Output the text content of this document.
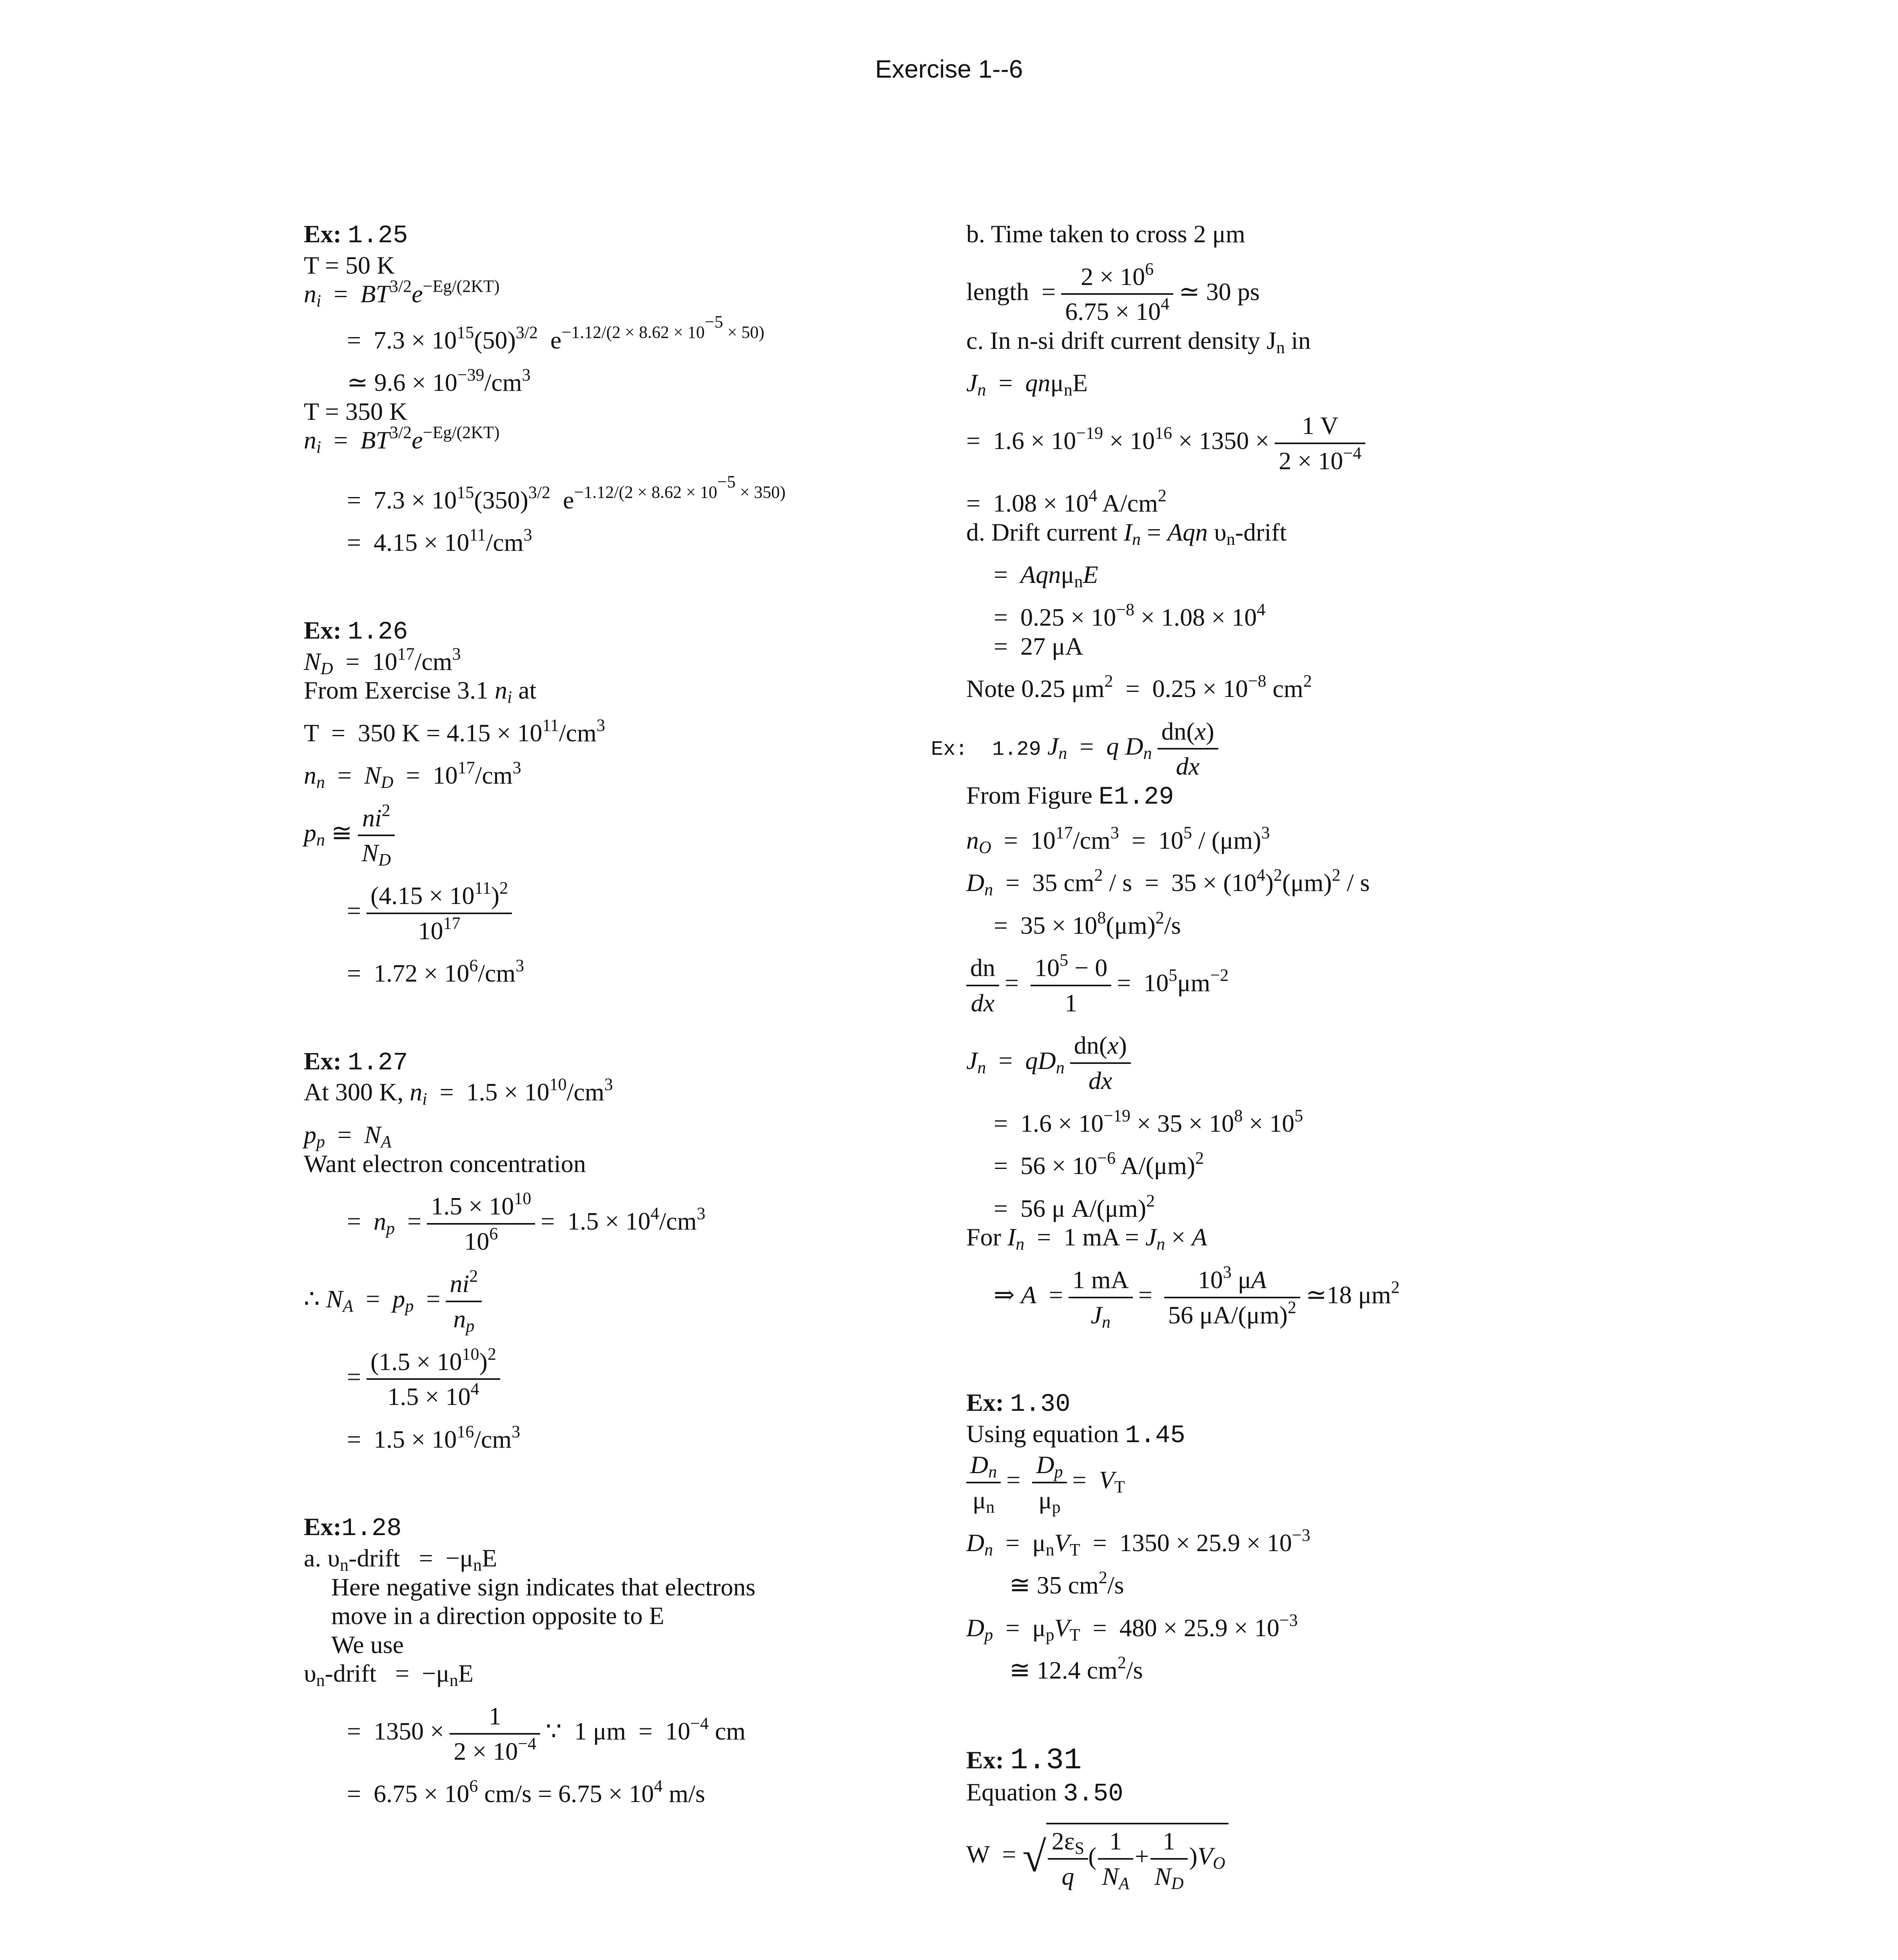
Exercise 1--6
Ex: 1.25
T = 50 K
$n_i = BT^{3/2}e^{-Eg/(2KT)}$
=  $7.3 \times 10^{15}(50)^{3/2}$  $e^{-1.12/(2 \times 8.62 \times 10^{-5} \times 50)}$
≃ $9.6 \times 10^{-39}/cm^3$
T = 350 K
$n_i = BT^{3/2}e^{-Eg/(2KT)}$
=  $7.3 \times 10^{15}(350)^{3/2}$  $e^{-1.12/(2 \times 8.62 \times 10^{-5} \times 350)}$
=  $4.15 \times 10^{11}/cm^3$
Ex: 1.26
$N_D = 10^{17}/cm^3$
From Exercise 3.1 $n_i$ at
T  =  350 $K = 4.15 \times 10^{11}/cm^3$
$n_n = N_D = 10^{17}/cm^3$
$p_n$ ≅ $\frac{ni^2}{N_D}$
= $\frac{(4.15 \times 10^{11})^2}{10^{17}}$
=  $1.72 \times 10^6/cm^3$
Ex: 1.27
At 300 K, $n_i = 1.5 \times 10^{10}/cm^3$
$p_p = N_A$
Want electron concentration
=  $n_p = \frac{1.5 \times 10^{10}}{10^6} = 1.5 \times 10^4/cm^3$
∴ $N_A = p_p = \frac{ni^2}{n_p}$
= $\frac{(1.5 \times 10^{10})^2}{1.5 \times 10^4}$
=  $1.5 \times 10^{16}/cm^3$
Ex:1.28
a. $\upsilon_n$-drift   =  $-\mu_nE$
Here negative sign indicates that electrons
move in a direction opposite to E
We use
$\upsilon_n$-drift   =  $-\mu_nE$
=  $1350 \times \frac{1}{2 \times 10^{-4}}$ ∵  1 $\mu m = 10^{-4}$ cm
=  $6.75 \times 10^6$ $cm/s = 6.75 \times 10^4$ m/s
b. Time taken to cross 2 μm
length  = $\frac{2 \times 10^6}{6.75 \times 10^4}$ ≃ 30 ps
c. In n-si drift current density $J_n$ in
$J_n = qn\mu_nE$
=  $1.6 \times 10^{-19} \times 10^{16} \times 1350 \times \frac{1 V}{2 \times 10^{-4}}$
=  $1.08 \times 10^4$ $A/cm^2$
d. Drift current $I_n$ = Aqn $\upsilon_n$-drift
=  Aqnμ$_n$E
=  $0.25 \times 10^{-8} \times 1.08 \times 10^4$
=  27 μA
Note 0.25 $\mu m^2 = 0.25 \times 10^{-8}$ $cm^2$
Ex:  1.29 $J_n = q$ $D_n \frac{dn(x)}{dx}$
From Figure E1.29
$n_O = 10^{17}/cm^3 = 10^5 / (\mu m)^3$
$D_n = 35$ $cm^2 / s = 35 \times (10^4)^2(\mu m)^2 / s$
=  $35 \times 10^8(\mu m)^2/s$
$\frac{dn}{dx} = \frac{10^5 - 0}{1} = 10^5\mu m^{-2}$
$J_n = qD_n \frac{dn(x)}{dx}$
=  $1.6 \times 10^{-19} \times 35 \times 10^8 \times 10^5$
=  $56 \times 10^{-6}$ $A/(\mu m)^2$
=  56 μ $A/(\mu m)^2$
For $I_n = 1$ mA = $J_n \times A$
⇒ $A = \frac{1 mA}{J_n} = \frac{10^3 \mu A}{56 \mu A/(\mu m)^2}$ ≃18 $\mu m^2$
Ex: 1.30
Using equation 1.45
$\frac{D_n}{\mu_n} = \frac{D_p}{\mu_p} = V_T$
$D_n = \mu_nV_T = 1350 \times 25.9 \times 10^{-3}$
≅ 35 $cm^2/s$
$D_p = \mu_pV_T = 480 \times 25.9 \times 10^{-3}$
≅ 12.4 $cm^2/s$
Ex: 1.31
Equation 3.50
W  = √ $\frac{2\varepsilon_S}{q}$ ( $\frac{1}{N_A} + \frac{1}{N_D} )V_O$
